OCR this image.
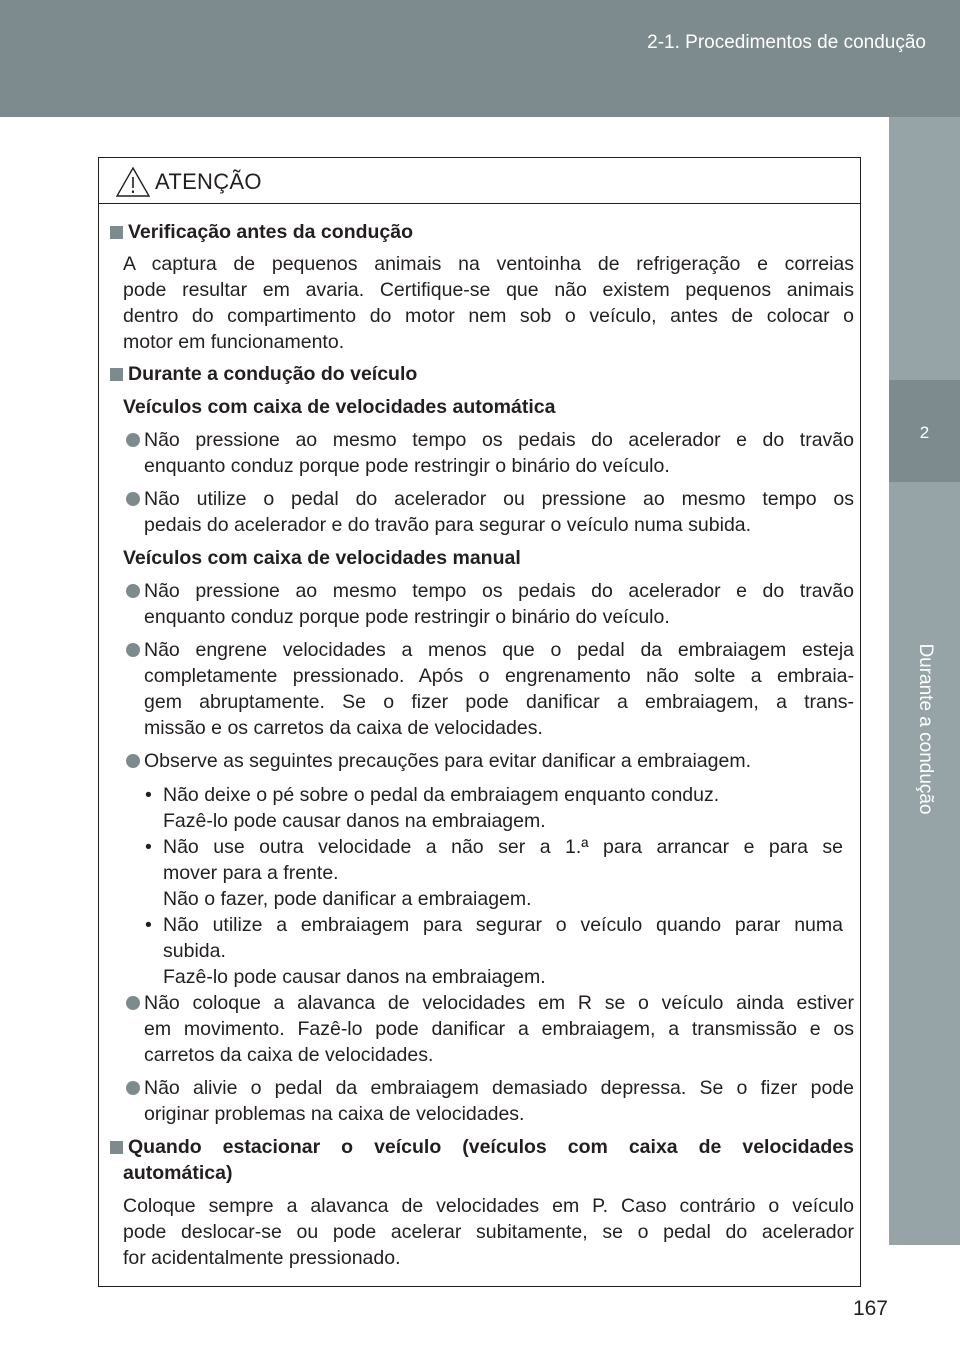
2-1. Procedimentos de condução
2
Durante a condução
ATENÇÃO
Verificação antes da condução
A captura de pequenos animais na ventoinha de refrigeração e correias
pode resultar em avaria. Certifique-se que não existem pequenos animais
dentro do compartimento do motor nem sob o veículo, antes de colocar o
motor em funcionamento.
Durante a condução do veículo
Veículos com caixa de velocidades automática
Não pressione ao mesmo tempo os pedais do acelerador e do travão
enquanto conduz porque pode restringir o binário do veículo.
Não utilize o pedal do acelerador ou pressione ao mesmo tempo os
pedais do acelerador e do travão para segurar o veículo numa subida.
Veículos com caixa de velocidades manual
Não pressione ao mesmo tempo os pedais do acelerador e do travão
enquanto conduz porque pode restringir o binário do veículo.
Não engrene velocidades a menos que o pedal da embraiagem esteja
completamente pressionado. Após o engrenamento não solte a embraia-
gem abruptamente. Se o fizer pode danificar a embraiagem, a trans-
missão e os carretos da caixa de velocidades.
Observe as seguintes precauções para evitar danificar a embraiagem.
• Não deixe o pé sobre o pedal da embraiagem enquanto conduz.
Fazê-lo pode causar danos na embraiagem.
• Não use outra velocidade a não ser a 1.ª para arrancar e para se
mover para a frente.
Não o fazer, pode danificar a embraiagem.
• Não utilize a embraiagem para segurar o veículo quando parar numa
subida.
Fazê-lo pode causar danos na embraiagem.
Não coloque a alavanca de velocidades em R se o veículo ainda estiver
em movimento. Fazê-lo pode danificar a embraiagem, a transmissão e os
carretos da caixa de velocidades.
Não alivie o pedal da embraiagem demasiado depressa. Se o fizer pode
originar problemas na caixa de velocidades.
Quando estacionar o veículo (veículos com caixa de velocidades
automática)
Coloque sempre a alavanca de velocidades em P. Caso contrário o veículo
pode deslocar-se ou pode acelerar subitamente, se o pedal do acelerador
for acidentalmente pressionado.
167
